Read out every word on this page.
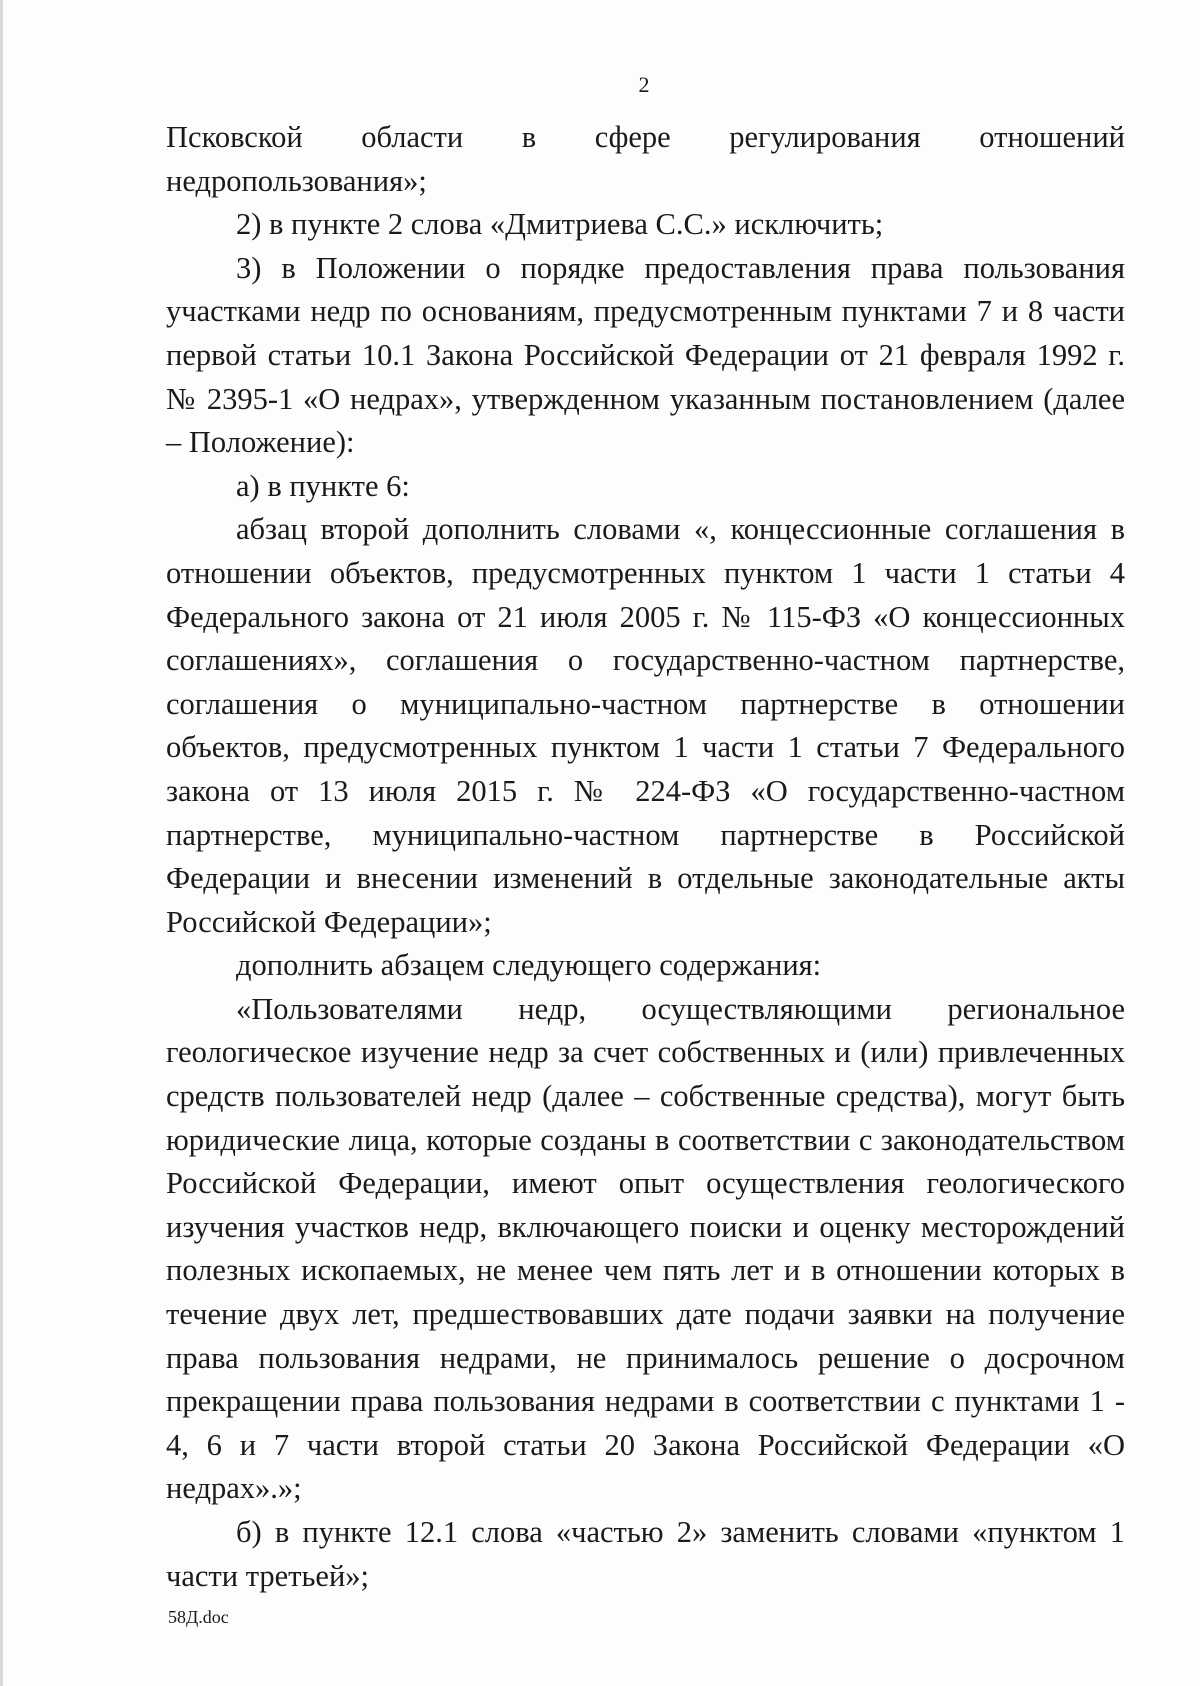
2

Псковской области в сфере регулирования отношений недропользования»;

2) в пункте 2 слова «Дмитриева С.С.» исключить;

3) в Положении о порядке предоставления права пользования участками недр по основаниям, предусмотренным пунктами 7 и 8 части первой статьи 10.1 Закона Российской Федерации от 21 февраля 1992 г. № 2395-1 «О недрах», утвержденном указанным постановлением (далее – Положение):

а) в пункте 6:

абзац второй дополнить словами «, концессионные соглашения в отношении объектов, предусмотренных пунктом 1 части 1 статьи 4 Федерального закона от 21 июля 2005 г. № 115-ФЗ «О концессионных соглашениях», соглашения о государственно-частном партнерстве, соглашения о муниципально-частном партнерстве в отношении объектов, предусмотренных пунктом 1 части 1 статьи 7 Федерального закона от 13 июля 2015 г. № 224-ФЗ «О государственно-частном партнерстве, муниципально-частном партнерстве в Российской Федерации и внесении изменений в отдельные законодательные акты Российской Федерации»;

дополнить абзацем следующего содержания:

«Пользователями недр, осуществляющими региональное геологическое изучение недр за счет собственных и (или) привлеченных средств пользователей недр (далее – собственные средства), могут быть юридические лица, которые созданы в соответствии с законодательством Российской Федерации, имеют опыт осуществления геологического изучения участков недр, включающего поиски и оценку месторождений полезных ископаемых, не менее чем пять лет и в отношении которых в течение двух лет, предшествовавших дате подачи заявки на получение права пользования недрами, не принималось решение о досрочном прекращении права пользования недрами в соответствии с пунктами 1 - 4, 6 и 7 части второй статьи 20 Закона Российской Федерации «О недрах».»;

б) в пункте 12.1 слова «частью 2» заменить словами «пунктом 1 части третьей»;

58Д.doc
